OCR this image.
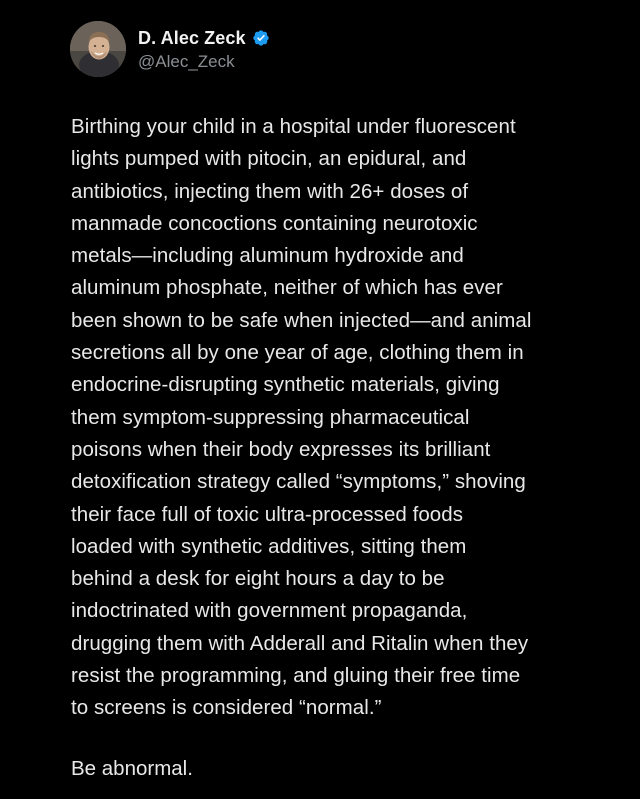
D. Alec Zeck
@Alec_Zeck
Birthing your child in a hospital under fluorescent
lights pumped with pitocin, an epidural, and
antibiotics, injecting them with 26+ doses of
manmade concoctions containing neurotoxic
metals—including aluminum hydroxide and
aluminum phosphate, neither of which has ever
been shown to be safe when injected—and animal
secretions all by one year of age, clothing them in
endocrine-disrupting synthetic materials, giving
them symptom-suppressing pharmaceutical
poisons when their body expresses its brilliant
detoxification strategy called “symptoms,” shoving
their face full of toxic ultra-processed foods
loaded with synthetic additives, sitting them
behind a desk for eight hours a day to be
indoctrinated with government propaganda,
drugging them with Adderall and Ritalin when they
resist the programming, and gluing their free time
to screens is considered “normal.”
Be abnormal.
